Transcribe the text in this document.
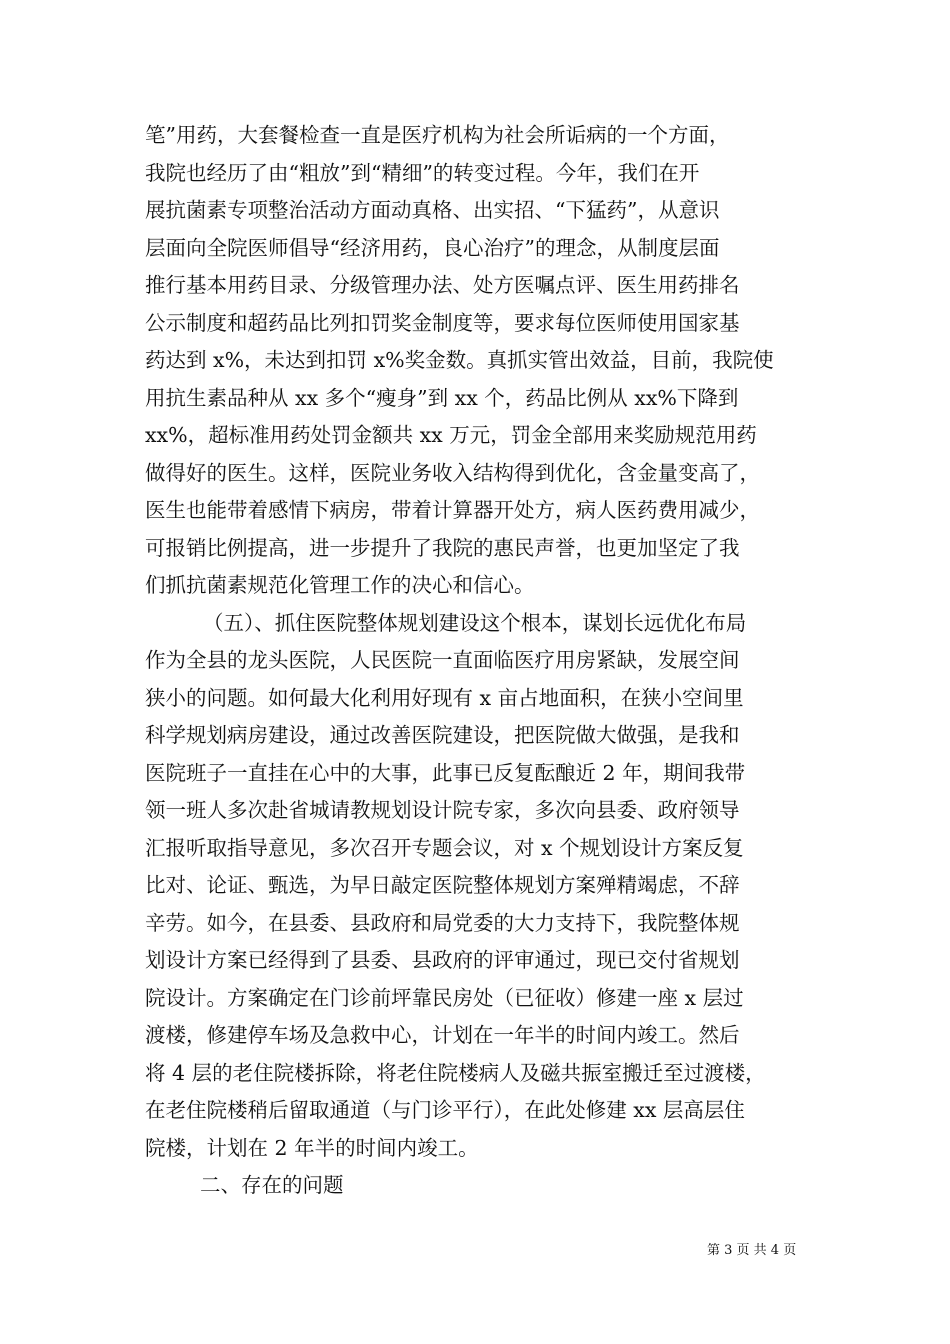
笔”用药，大套餐检查一直是医疗机构为社会所诟病的一个方面，
我院也经历了由“粗放”到“精细”的转变过程。今年，我们在开
展抗菌素专项整治活动方面动真格、出实招、“下猛药”，从意识
层面向全院医师倡导“经济用药，良心治疗”的理念，从制度层面
推行基本用药目录、分级管理办法、处方医嘱点评、医生用药排名
公示制度和超药品比列扣罚奖金制度等，要求每位医师使用国家基
药达到 x%，未达到扣罚 x%奖金数。真抓实管出效益，目前，我院使
用抗生素品种从 xx 多个“瘦身”到 xx 个，药品比例从 xx%下降到
xx%，超标准用药处罚金额共 xx 万元，罚金全部用来奖励规范用药
做得好的医生。这样，医院业务收入结构得到优化，含金量变高了，
医生也能带着感情下病房，带着计算器开处方，病人医药费用减少，
可报销比例提高，进一步提升了我院的惠民声誉，也更加坚定了我
们抓抗菌素规范化管理工作的决心和信心。
（五）、抓住医院整体规划建设这个根本，谋划长远优化布局
作为全县的龙头医院，人民医院一直面临医疗用房紧缺，发展空间
狭小的问题。如何最大化利用好现有 x 亩占地面积，在狭小空间里
科学规划病房建设，通过改善医院建设，把医院做大做强，是我和
医院班子一直挂在心中的大事，此事已反复酝酿近 2 年，期间我带
领一班人多次赴省城请教规划设计院专家，多次向县委、政府领导
汇报听取指导意见，多次召开专题会议，对 x 个规划设计方案反复
比对、论证、甄选，为早日敲定医院整体规划方案殚精竭虑，不辞
辛劳。如今，在县委、县政府和局党委的大力支持下，我院整体规
划设计方案已经得到了县委、县政府的评审通过，现已交付省规划
院设计。方案确定在门诊前坪靠民房处（已征收）修建一座 x 层过
渡楼，修建停车场及急救中心，计划在一年半的时间内竣工。然后
将 4 层的老住院楼拆除，将老住院楼病人及磁共振室搬迁至过渡楼，
在老住院楼稍后留取通道（与门诊平行），在此处修建 xx 层高层住
院楼，计划在 2 年半的时间内竣工。
二、存在的问题
第 3 页 共 4 页
